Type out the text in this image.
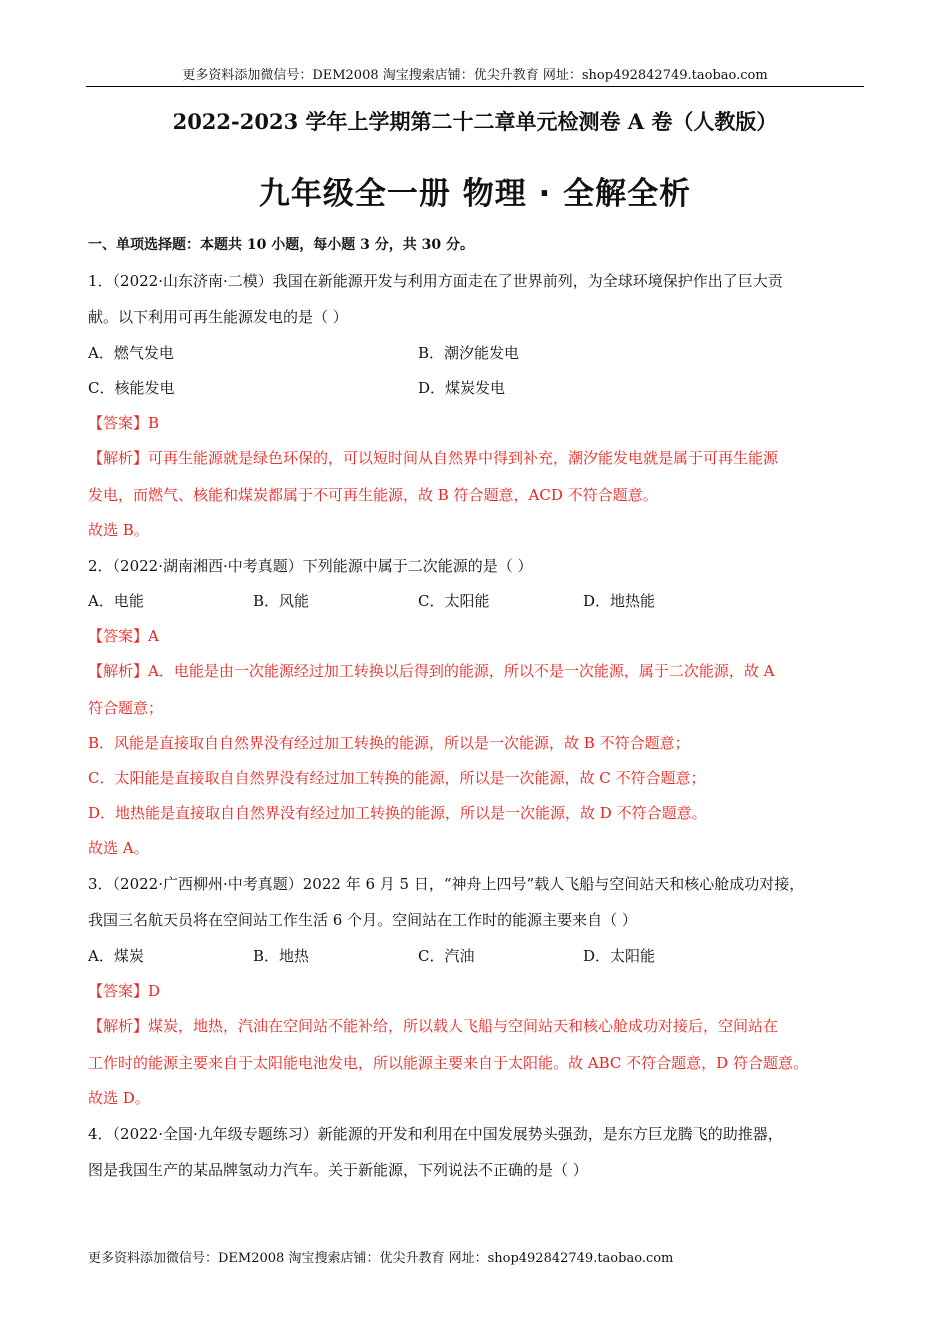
更多资料添加微信号：DEM2008 淘宝搜索店铺：优尖升教育 网址：shop492842749.taobao.com
2022-2023 学年上学期第二十二章单元检测卷 A 卷（人教版）
九年级全一册 物理 · 全解全析
一、单项选择题：本题共 10 小题，每小题 3 分，共 30 分。
1．（2022·山东济南·二模）我国在新能源开发与利用方面走在了世界前列，为全球环境保护作出了巨大贡
献。以下利用可再生能源发电的是（ ）
A．燃气发电	B．潮汐能发电
C．核能发电	D．煤炭发电
【答案】B
【解析】可再生能源就是绿色环保的，可以短时间从自然界中得到补充，潮汐能发电就是属于可再生能源
发电，而燃气、核能和煤炭都属于不可再生能源，故 B 符合题意，ACD 不符合题意。
故选 B。
2．（2022·湖南湘西·中考真题）下列能源中属于二次能源的是（ ）
A．电能	B．风能	C．太阳能	D．地热能
【答案】A
【解析】A．电能是由一次能源经过加工转换以后得到的能源，所以不是一次能源，属于二次能源，故 A
符合题意；
B．风能是直接取自自然界没有经过加工转换的能源，所以是一次能源，故 B 不符合题意；
C．太阳能是直接取自自然界没有经过加工转换的能源，所以是一次能源，故 C 不符合题意；
D．地热能是直接取自自然界没有经过加工转换的能源，所以是一次能源，故 D 不符合题意。
故选 A。
3．（2022·广西柳州·中考真题）2022 年 6 月 5 日，“神舟上四号”载人飞船与空间站天和核心舱成功对接，
我国三名航天员将在空间站工作生活 6 个月。空间站在工作时的能源主要来自（ ）
A．煤炭	B．地热	C．汽油	D．太阳能
【答案】D
【解析】煤炭，地热，汽油在空间站不能补给，所以载人飞船与空间站天和核心舱成功对接后，空间站在
工作时的能源主要来自于太阳能电池发电，所以能源主要来自于太阳能。故 ABC 不符合题意，D 符合题意。
故选 D。
4．（2022·全国·九年级专题练习）新能源的开发和利用在中国发展势头强劲，是东方巨龙腾飞的助推器，
图是我国生产的某品牌氢动力汽车。关于新能源，下列说法不正确的是（ ）
更多资料添加微信号：DEM2008 淘宝搜索店铺：优尖升教育 网址：shop492842749.taobao.com
